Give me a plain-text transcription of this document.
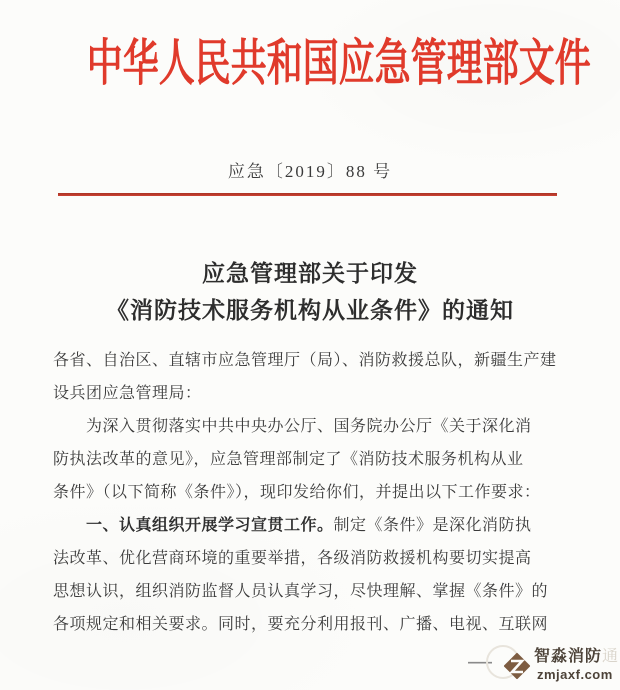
中华人民共和国应急管理部文件
应急〔2019〕88 号
应急管理部关于印发
《消防技术服务机构从业条件》的通知
各省、自治区、直辖市应急管理厅（局）、消防救援总队，新疆生产建
设兵团应急管理局：
为深入贯彻落实中共中央办公厅、国务院办公厅《关于深化消
防执法改革的意见》，应急管理部制定了《消防技术服务机构从业
条件》（以下简称《条件》），现印发给你们，并提出以下工作要求：
一、认真组织开展学习宣贯工作。制定《条件》是深化消防执
法改革、优化营商环境的重要举措，各级消防救援机构要切实提高
思想认识，组织消防监督人员认真学习，尽快理解、掌握《条件》的
各项规定和相关要求。同时，要充分利用报刊、广播、电视、互联网
—	智淼消防通
zmjaxf.com
